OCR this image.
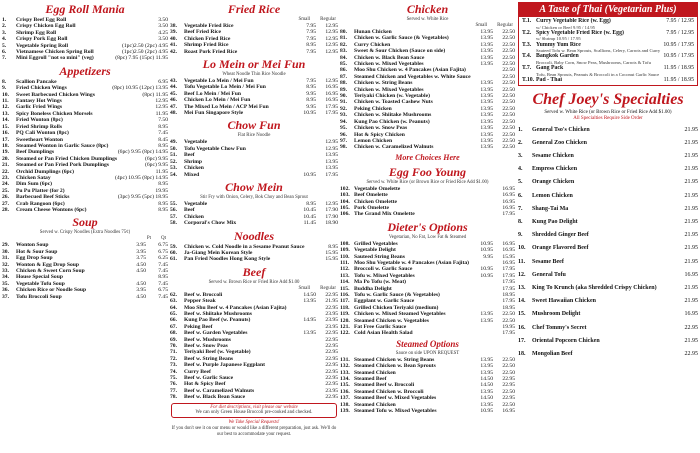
Egg Roll Mania
1.	Crispy Beef Egg Roll	3.50
2.	Crispy Chicken Egg Roll	3.50
3.	Shrimp Egg Roll	4.25
4.	Crispy Pork Egg Roll	3.50
5.	Vegetable Spring Roll	(1pc)2.50 (2pc) 4.95
6.	Vietnamese Chicken Spring Roll	(1pc)2.50 (2pc) 4.95
7.	Mini Eggroll "not so mini" (veg)	(8pc) 7.95 (15pc) 11.95
Appetizers
8.	Scallion Pancake	6.95
9.	Fried Chicken Wings	(8pc) 10.95 (12pc) 13.95
10.	Sweet Barbecued Chicken Wings	(8pc) 11.95
11.	Fantasy Hot Wings	12.95
12.	Garlic Fried Wings	12.95
13.	Spicy Boneless Chicken Morsels	11.95
14.	Fried Wonton (8pc)	7.50
15.	Fried Shrimp Rolls	8.95
16.	PQ Cali Wonton (8pc)	7.45
17.	Sweetheart Wonton	8.45
18.	Steamed Wonton in Garlic Sauce (8pc)	8.95
19.	Beef Dumplings	(6pc) 9.95 (8pc) 14.95
20.	Steamed or Pan Fried Chicken Dumplings	(6pc) 9.95
21.	Steamed or Pan Fried Pork Dumplings	(6pc) 9.95
22.	Orchid Dumplings (6pc)	11.95
23.	Chicken Satay	(4pc) 10.95 (8pc) 14.95
24.	Dim Sum (6pc)	8.95
25.	Pu Pu Platter (for 2)	19.95
26.	Barbecued Beef Sticks	(3pc) 9.95 (5pc) 18.95
27.	Crab Rangoon (6pc)	8.95
28.	Cream Cheese Wontons (6pc)	8.95
Soup
Served w. Crispy Noodles (Extra Noodles 75¢)
Pt Qt
29.	Wonton Soup	3.95	6.75
30.	Hot & Sour Soup	3.95	6.75
31.	Egg Drop Soup	3.75	6.25
32.	Wonton & Egg Drop Soup	4.50	7.45
33.	Chicken & Sweet Corn Soup	4.50	7.45
34.	House Special Soup	8.95
35.	Vegetable Tofu Soup	4.50	7.45
36.	Chicken Rice or Noodle Soup	3.95	6.75
37.	Tofu Broccoli Soup	4.50	7.45
Fried Rice
Small Regular
38.	Vegetable Fried Rice	7.95	12.95
39.	Beef Fried Rice	7.95	12.95
40.	Chicken Fried Rice	7.95	12.95
41.	Shrimp Fried Rice	8.95	12.95
42.	Roast Pork Fried Rice	7.95	12.95
Lo Mein or Mei Fun
Wheat Noodle Thin Rice Noodle
43.	Vegetable Lo Mein / Mei Fun	7.95	12.95
44.	Tofu Vegetable Lo Mein / Mei Fun	8.95	16.95
45.	Beef Lo Mein / Mei Fun	9.95	16.95
46.	Chicken Lo Mein / Mei Fun	8.95	16.95
47.	The Mixed Lo Mein / ACP Mei Fun	9.95	17.95
48.	Mei Fun Singapore Style	10.95	17.95
Chow Fun
Flat Rice Noodle
49.	Vegetable	12.95
50.	Tofu Vegetable Chow Fun	12.95
51.	Beef	13.95
52.	Shrimp	13.95
53.	Chicken	13.95
54.	Mixed	10.95	17.95
Chow Mein
Stir Fry with Onion, Celery, Bok Choy and Bean Sprout
55.	Vegetable	8.95	12.95
56.	Beef	10.45	17.90
57.	Chicken	10.45	17.90
58.	Corporal's Chow Mix	11.45	18.90
Noodles
59.	Chicken w. Cold Noodle in a Sesame Peanut Sauce	8.95
60.	Ja-Giang Mein Korean Style	15.95
61.	Pan Fried Noodles Hong Kong Style	15.95
Beef
Served w. Brown Rice or Fried Rice Add $1.00
Small Regular
62.	Beef w. Broccoli	14.50	22.95
63.	Pepper Steak	13.95	21.95
64.	Moo Shu Beef w. 4 Pancakes (Asian Fajita)	22.95
65.	Beef w. Shiitake Mushrooms	23.95
66.	Kung Pao Beef (w. Peanuts)	14.95	23.95
67.	Peking Beef	23.95
68.	Beef w. Garden Vegetables	13.95	22.95
69.	Beef w. Mushrooms	22.95
70.	Beef w. Snow Peas	22.95
71.	Teriyaki Beef (w. Vegetable)	22.95
72.	Beef w. String Beans	22.95
73.	Beef w. Purple Japanese Eggplant	22.95
74.	Curry Beef	22.95
75.	Beef w. Garlic Sauce	22.95
76.	Hot & Spicy Beef	22.95
77.	Beef w. Caramelized Walnuts	23.95
78.	Beef w. Black Bean Sauce	22.95
For diet descriptions, visit please our website
We can only Green House Broccoli pre-cooked and checked.
We Take Special Requests!
If you don't see it on our menu or would like a different preparation, just ask. We'll do our best to accommodate your request.
Chicken
Served w. White Rice
Small Regular
80.	Hunan Chicken	13.95	22.50
81.	Chicken w. Garlic Sauce (& Vegetables)	13.95	22.50
82.	Curry Chicken	13.95	22.50
83.	Sweet & Sour Chicken (Sauce on side)	13.95	22.50
84.	Chicken w. Black Bean Sauce	13.95	22.50
85.	Chicken w. Mixed Vegetables	13.95	22.50
86.	Moo Shu Chicken w. 4 Pancakes (Asian Fajita)	22.50
87.	Steamed Chicken and Vegetables w. White Sauce	22.50
88.	Chicken w. String Beans	13.95	22.50
89.	Chicken w. Mixed Vegetables	13.95	22.50
90.	Teriyaki Chicken (w. Vegetable)	13.95	22.50
91.	Chicken w. Toasted Cashew Nuts	13.95	22.50
92.	Peking Chicken	13.95	22.50
93.	Chicken w. Shiitake Mushrooms	13.95	22.50
94.	Kung Pao Chicken (w. Peanuts)	13.95	22.50
95.	Chicken w. Snow Peas	13.95	22.50
96.	Hot & Spicy Chicken	13.95	22.50
97.	Lemon Chicken	13.95	22.50
98.	Chicken w. Caramelized Walnuts	13.95	22.50
More Choices Here
Egg Foo Young
Served w. White Rice (or Brown Rice or Fried Rice Add $1.00)
102. Vegetable Omelette	16.95
103. Beef Omelette	16.95
104. Chicken Omelette	16.95
105. Pork Omelette	16.95
106. The Grand Mix Omelette	17.95
Dieter's Options
Vegetarian, No Fat, Low Fat & Steamed
108. Grilled Vegetables	10.95	16.95
109. Vegetable Delight	10.95	16.95
110. Sauteed String Beans	9.95	15.95
111. Moo Shu Vegetable w. 4 Pancakes (Asian Fajita)	16.95
112. Broccoli w. Garlic Sauce	10.95	17.95
113. Tofu w. Mixed Vegetables	10.95	17.95
114. Ma Po Tofu (w. Meat)	17.95
115. Buddha Delight	17.95
116. Tofu w. Garlic Sauce (& Vegetables)	18.95
117. Eggplant w. Garlic Sauce	17.95
118. Grilled Chicken Teriyaki (medium)	18.95
119. Chicken w. Mixed Steamed Vegetables	13.95	22.50
120. Steamed Chicken w. Vegetables	13.95	22.50
121. Fat Free Garlic Sauce	19.95
122. Cold Asian Health Salad	17.95
Steamed Options
Sauce on side UPON REQUEST
131. Steamed Chicken w. String Beans	13.95	22.50
132. Steamed Chicken w. Bean Sprouts	13.95	22.50
133. Steamed Chicken	13.95	22.50
134. Steamed Beef	14.50	22.95
135. Steamed Beef w. Broccoli	14.50	22.95
136. Steamed Chicken w. Broccoli	13.95	22.50
137. Steamed Beef w. Mixed Vegetables	14.50	22.95
138. Steamed Chicken	13.95	22.50
139. Steamed Tofu w. Mixed Vegetables	10.95	16.95
A Taste of Thai (Vegetarian Plus)
T.1. Curry Vegetable Rice (w. Egg)	7.95 / 12.95
w/ Chicken or Beef 9.95 / 14.95
T.2. Spicy Vegetable Fried Rice (w. Egg)	7.95 / 12.95
w/ Shrimp 10.95 / 17.95
T.3. Yummy Yum Rice	10.95 / 17.95
Sauteed Tofu w. Bean Sprouts, Scallions, Celery, Carrots and Curry
T.4. Bangkok Garden	10.95 / 17.95
Broccoli, Baby Corn, Snow Peas, Mushrooms, Carrots & Tofu
T.7. Gang Pack	11.95 / 18.95
Tofu, Bean Sprouts, Peanuts & Broccoli in a Coconut Garlic Sauce
T.10. Pad - Thai	11.95 / 18.95
Chef Joey's Specialties
Served w. White Rice (or Brown Rice or Fried Rice Add $1.00)
All Specialties Require Side Order
1.	General Tso's Chicken	21.95
2.	General Zoo Chicken	21.95
3.	Sesame Chicken	21.95
4.	Empress Chicken	21.95
5.	Orange Chicken	21.95
6.	Lemon Chicken	21.95
7.	Shang-Tai Ma	21.95
8.	Kung Pao Delight	21.95
9.	Shredded Ginger Beef	21.95
10.	Orange Flavored Beef	21.95
11.	Sesame Beef	21.95
12.	General Tofu	16.95
13.	King To Krunch (aka Shredded Crispy Chicken)	21.95
14.	Sweet Hawaiian Chicken	21.95
15.	Mushroom Delight	16.95
16.	Chef Tommy's Secret	22.95
17.	Oriental Popcorn Chicken	21.95
18.	Mongolian Beef	22.95
